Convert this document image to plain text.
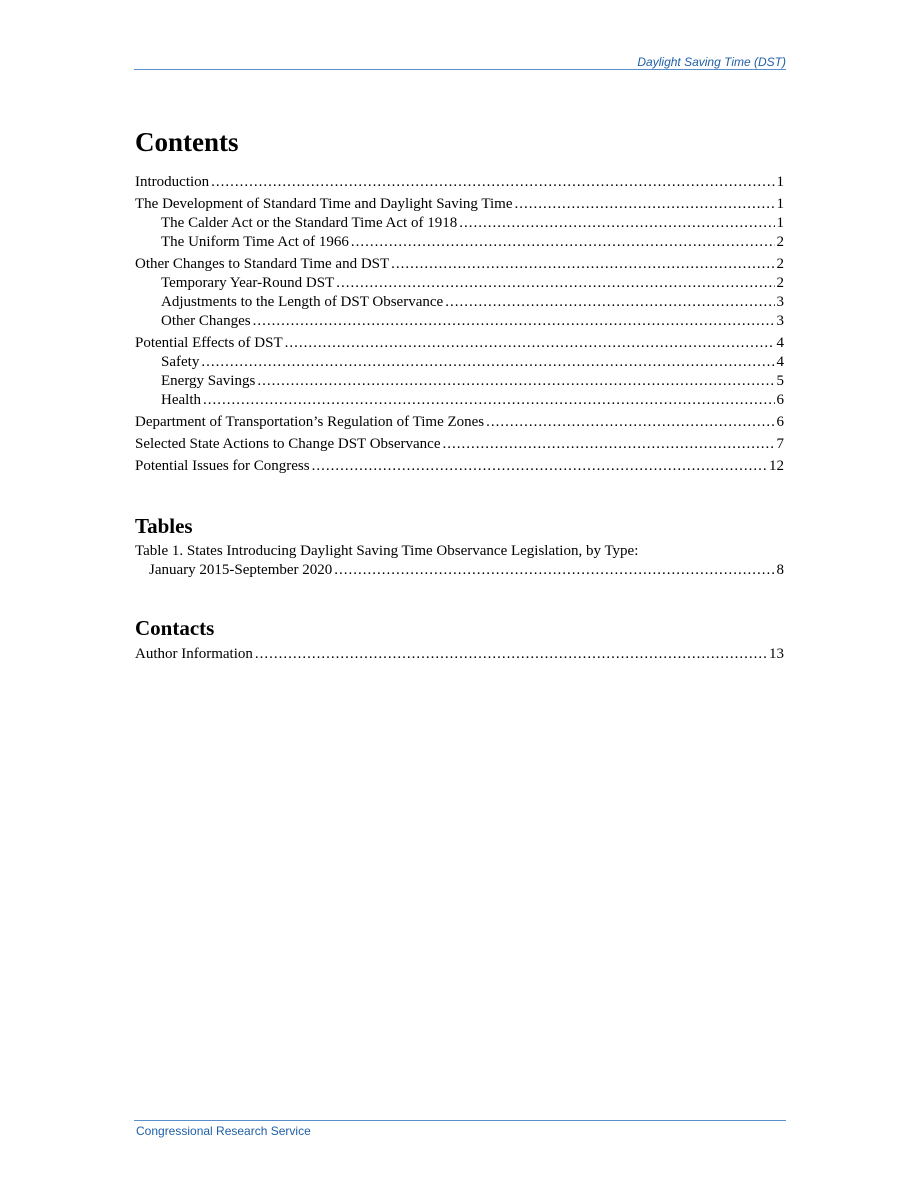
Daylight Saving Time (DST)
Contents
Introduction .....	1
The Development of Standard Time and Daylight Saving Time .....	1
The Calder Act or the Standard Time Act of 1918 .....	1
The Uniform Time Act of 1966 .....	2
Other Changes to Standard Time and DST .....	2
Temporary Year-Round DST .....	2
Adjustments to the Length of DST Observance .....	3
Other Changes .....	3
Potential Effects of DST .....	4
Safety .....	4
Energy Savings .....	5
Health .....	6
Department of Transportation’s Regulation of Time Zones .....	6
Selected State Actions to Change DST Observance .....	7
Potential Issues for Congress .....	12
Tables
Table 1. States Introducing Daylight Saving Time Observance Legislation, by Type:
January 2015-September 2020 .....	8
Contacts
Author Information .....	13
Congressional Research Service
